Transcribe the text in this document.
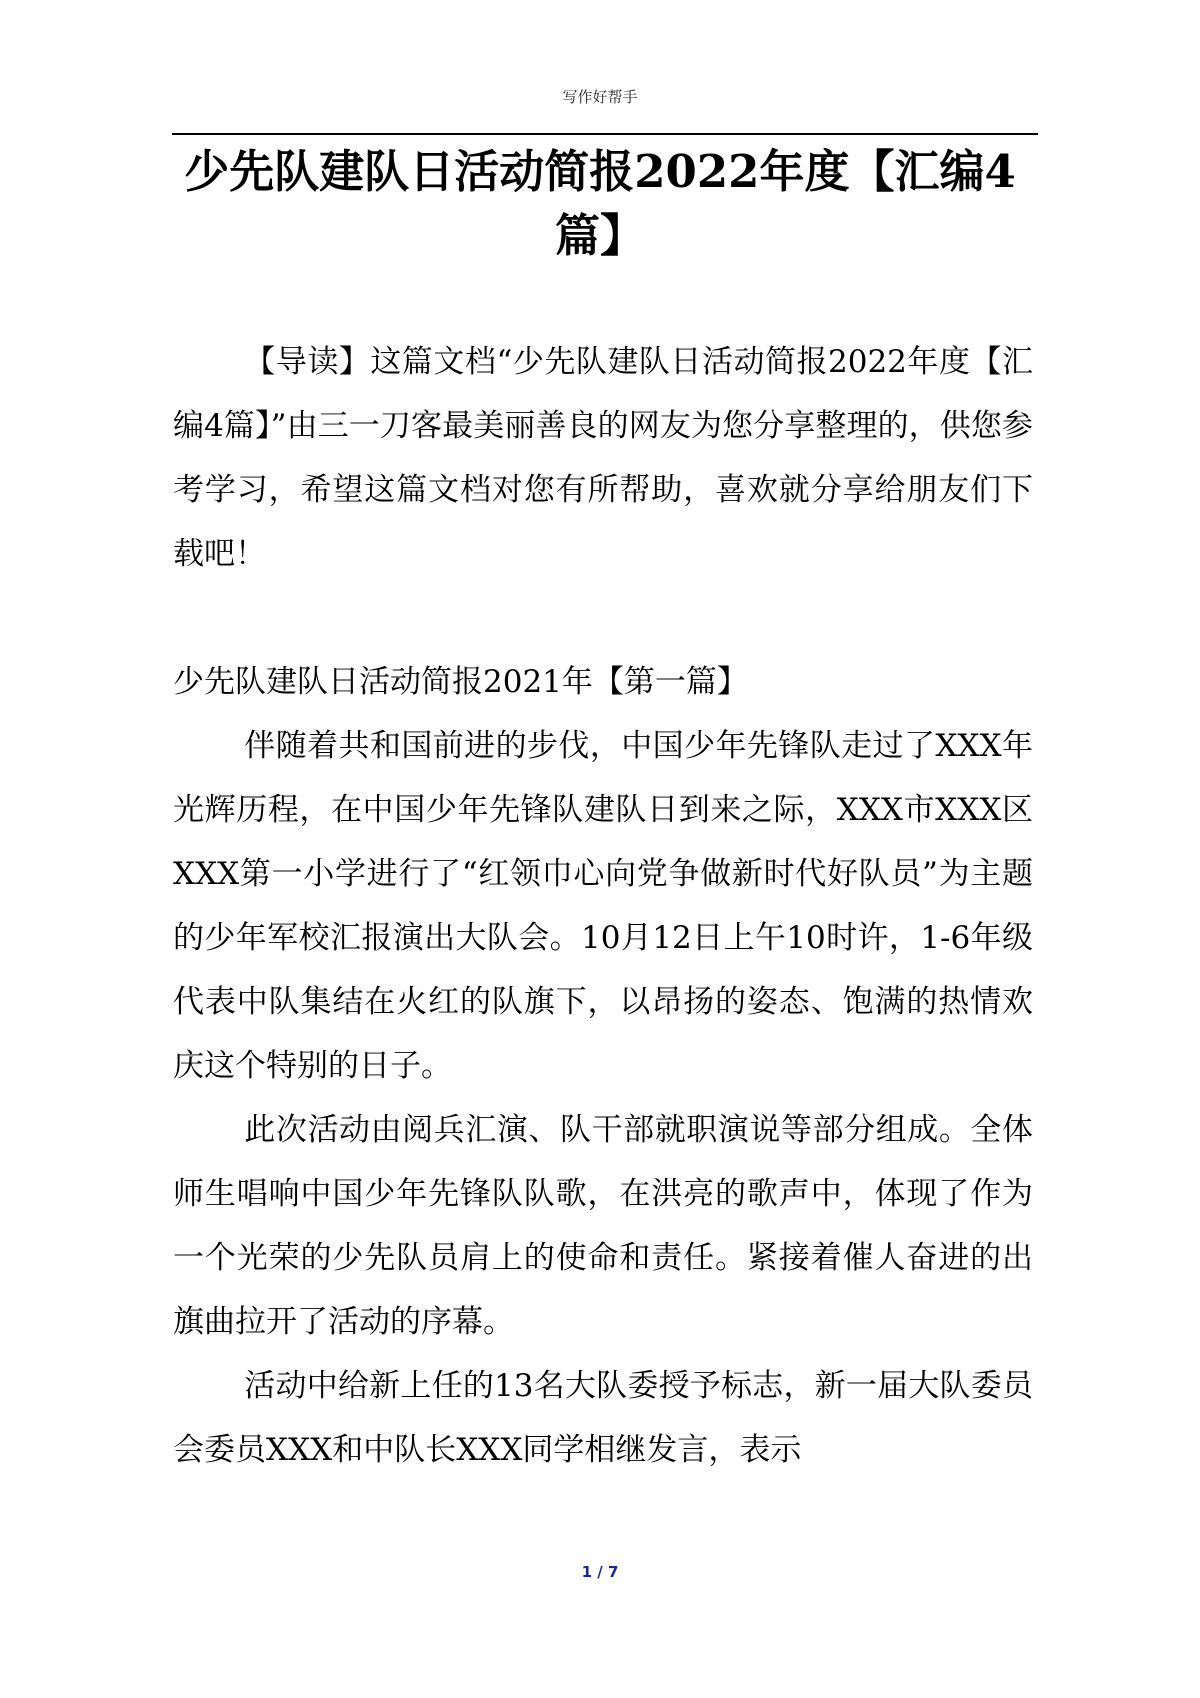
写作好帮手
少先队建队日活动简报2022年度【汇编4篇】

【导读】这篇文档“少先队建队日活动简报2022年度【汇编4篇】”由三一刀客最美丽善良的网友为您分享整理的，供您参考学习，希望这篇文档对您有所帮助，喜欢就分享给朋友们下载吧！

少先队建队日活动简报2021年【第一篇】

伴随着共和国前进的步伐，中国少年先锋队走过了XXX年光辉历程，在中国少年先锋队建队日到来之际，XXX市XXX区XXX第一小学进行了“红领巾心向党争做新时代好队员”为主题的少年军校汇报演出大队会。10月12日上午10时许，1-6年级代表中队集结在火红的队旗下，以昂扬的姿态、饱满的热情欢庆这个特别的日子。

此次活动由阅兵汇演、队干部就职演说等部分组成。全体师生唱响中国少年先锋队队歌，在洪亮的歌声中，体现了作为一个光荣的少先队员肩上的使命和责任。紧接着催人奋进的出旗曲拉开了活动的序幕。

活动中给新上任的13名大队委授予标志，新一届大队委员会委员XXX和中队长XXX同学相继发言，表示

1 / 7
